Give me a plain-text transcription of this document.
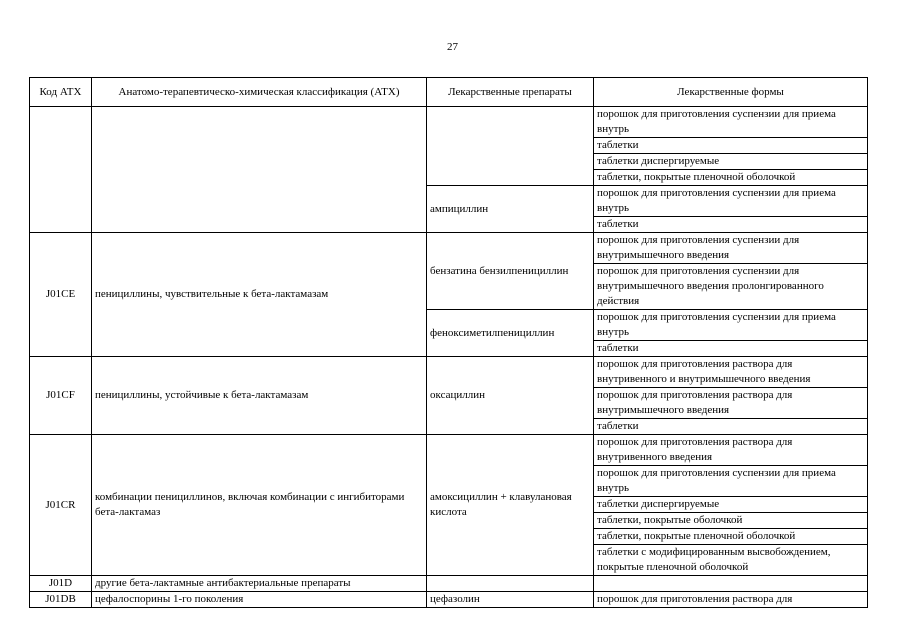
27
Код АТХ	Анатомо-терапевтическо-химическая классификация (АТХ)	Лекарственные препараты	Лекарственные формы
			порошок для приготовления суспензии для приема внутрь
			таблетки
			таблетки диспергируемые
			таблетки, покрытые пленочной оболочкой
		ампициллин	порошок для приготовления суспензии для приема внутрь
			таблетки
J01CE	пенициллины, чувствительные к бета-лактамазам	бензатина бензилпенициллин	порошок для приготовления суспензии для внутримышечного введения
			порошок для приготовления суспензии для внутримышечного введения пролонгированного действия
		феноксиметилпенициллин	порошок для приготовления суспензии для приема внутрь
			таблетки
J01CF	пенициллины, устойчивые к бета-лактамазам	оксациллин	порошок для приготовления раствора для внутривенного и внутримышечного введения
			порошок для приготовления раствора для внутримышечного введения
			таблетки
J01CR	комбинации пенициллинов, включая комбинации с ингибиторами бета-лактамаз	амоксициллин + клавулановая кислота	порошок для приготовления раствора для внутривенного введения
			порошок для приготовления суспензии для приема внутрь
			таблетки диспергируемые
			таблетки, покрытые оболочкой
			таблетки, покрытые пленочной оболочкой
			таблетки с модифицированным высвобождением, покрытые пленочной оболочкой
J01D	другие бета-лактамные антибактериальные препараты		
J01DB	цефалоспорины 1-го поколения	цефазолин	порошок для приготовления раствора для
